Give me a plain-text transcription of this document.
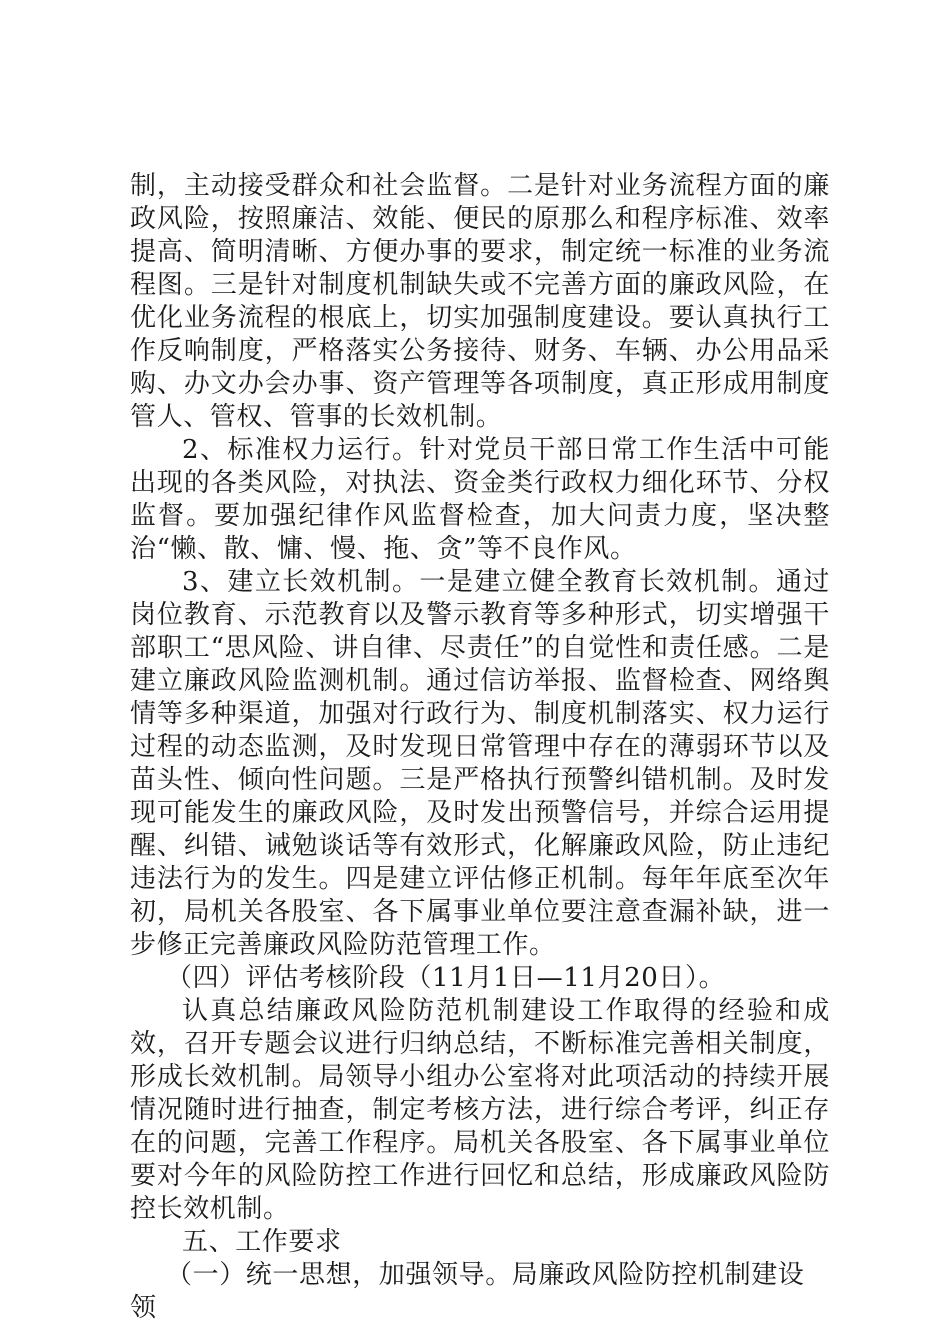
制，主动接受群众和社会监督。二是针对业务流程方面的廉政风险，按照廉洁、效能、便民的原那么和程序标准、效率提高、简明清晰、方便办事的要求，制定统一标准的业务流程图。三是针对制度机制缺失或不完善方面的廉政风险，在优化业务流程的根底上，切实加强制度建设。要认真执行工作反响制度，严格落实公务接待、财务、车辆、办公用品采购、办文办会办事、资产管理等各项制度，真正形成用制度管人、管权、管事的长效机制。

2、标准权力运行。针对党员干部日常工作生活中可能出现的各类风险，对执法、资金类行政权力细化环节、分权监督。要加强纪律作风监督检查，加大问责力度，坚决整治“懒、散、慵、慢、拖、贪”等不良作风。

3、建立长效机制。一是建立健全教育长效机制。通过岗位教育、示范教育以及警示教育等多种形式，切实增强干部职工“思风险、讲自律、尽责任”的自觉性和责任感。二是建立廉政风险监测机制。通过信访举报、监督检查、网络舆情等多种渠道，加强对行政行为、制度机制落实、权力运行过程的动态监测，及时发现日常管理中存在的薄弱环节以及苗头性、倾向性问题。三是严格执行预警纠错机制。及时发现可能发生的廉政风险，及时发出预警信号，并综合运用提醒、纠错、诫勉谈话等有效形式，化解廉政风险，防止违纪违法行为的发生。四是建立评估修正机制。每年年底至次年初，局机关各股室、各下属事业单位要注意查漏补缺，进一步修正完善廉政风险防范管理工作。

（四）评估考核阶段（11月1日—11月20日）。

认真总结廉政风险防范机制建设工作取得的经验和成效，召开专题会议进行归纳总结，不断标准完善相关制度，形成长效机制。局领导小组办公室将对此项活动的持续开展情况随时进行抽查，制定考核方法，进行综合考评，纠正存在的问题，完善工作程序。局机关各股室、各下属事业单位要对今年的风险防控工作进行回忆和总结，形成廉政风险防控长效机制。

五、工作要求

（一）统一思想，加强领导。局廉政风险防控机制建设领
